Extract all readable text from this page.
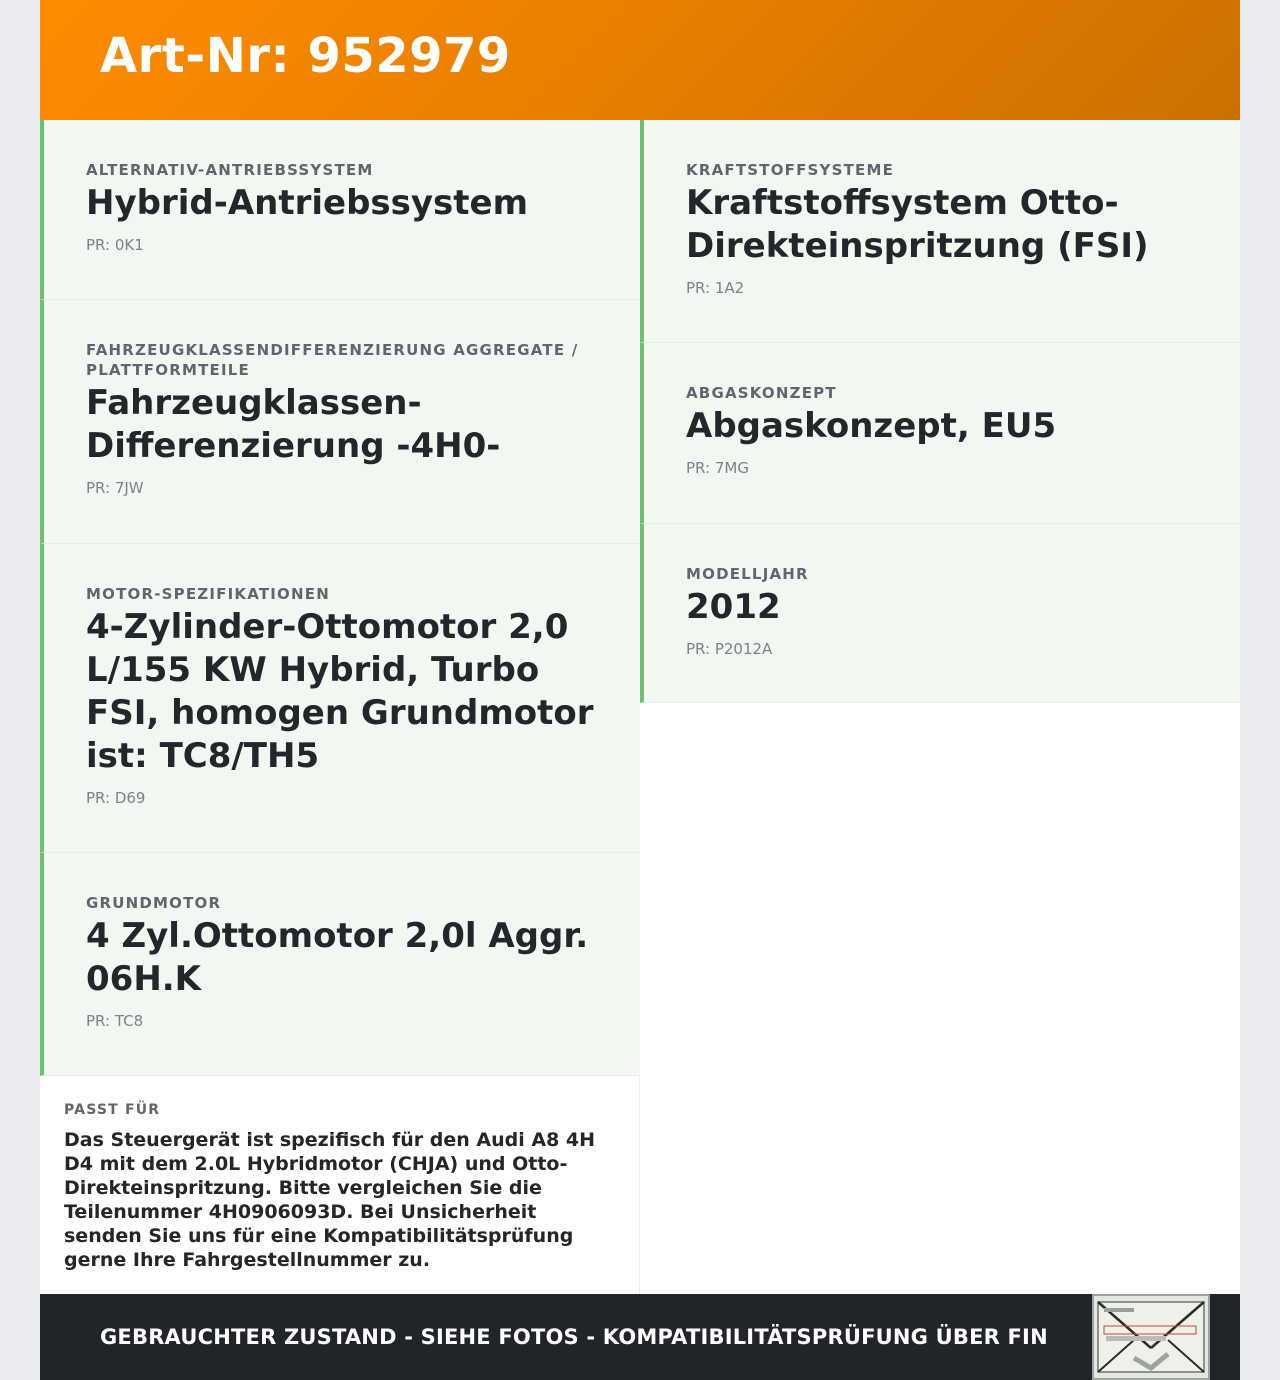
Art-Nr: 952979
ALTERNATIV-ANTRIEBSSYSTEM
Hybrid-Antriebssystem
PR: 0K1
FAHRZEUGKLASSENDIFFERENZIERUNG AGGREGATE / PLATTFORMTEILE
Fahrzeugklassen-Differenzierung -4H0-
PR: 7JW
MOTOR-SPEZIFIKATIONEN
4-Zylinder-Ottomotor 2,0 L/155 KW Hybrid, Turbo FSI, homogen Grundmotor ist: TC8/TH5
PR: D69
GRUNDMOTOR
4 Zyl.Ottomotor 2,0l Aggr. 06H.K
PR: TC8
KRAFTSTOFFSYSTEME
Kraftstoffsystem Otto-Direkteinspritzung (FSI)
PR: 1A2
ABGASKONZEPT
Abgaskonzept, EU5
PR: 7MG
MODELLJAHR
2012
PR: P2012A
PASST FÜR
Das Steuergerät ist spezifisch für den Audi A8 4H D4 mit dem 2.0L Hybridmotor (CHJA) und Otto-Direkteinspritzung. Bitte vergleichen Sie die Teilenummer 4H0906093D. Bei Unsicherheit senden Sie uns für eine Kompatibilitätsprüfung gerne Ihre Fahrgestellnummer zu.
GEBRAUCHTER ZUSTAND - SIEHE FOTOS - KOMPATIBILITÄTSPRÜFUNG ÜBER FIN
